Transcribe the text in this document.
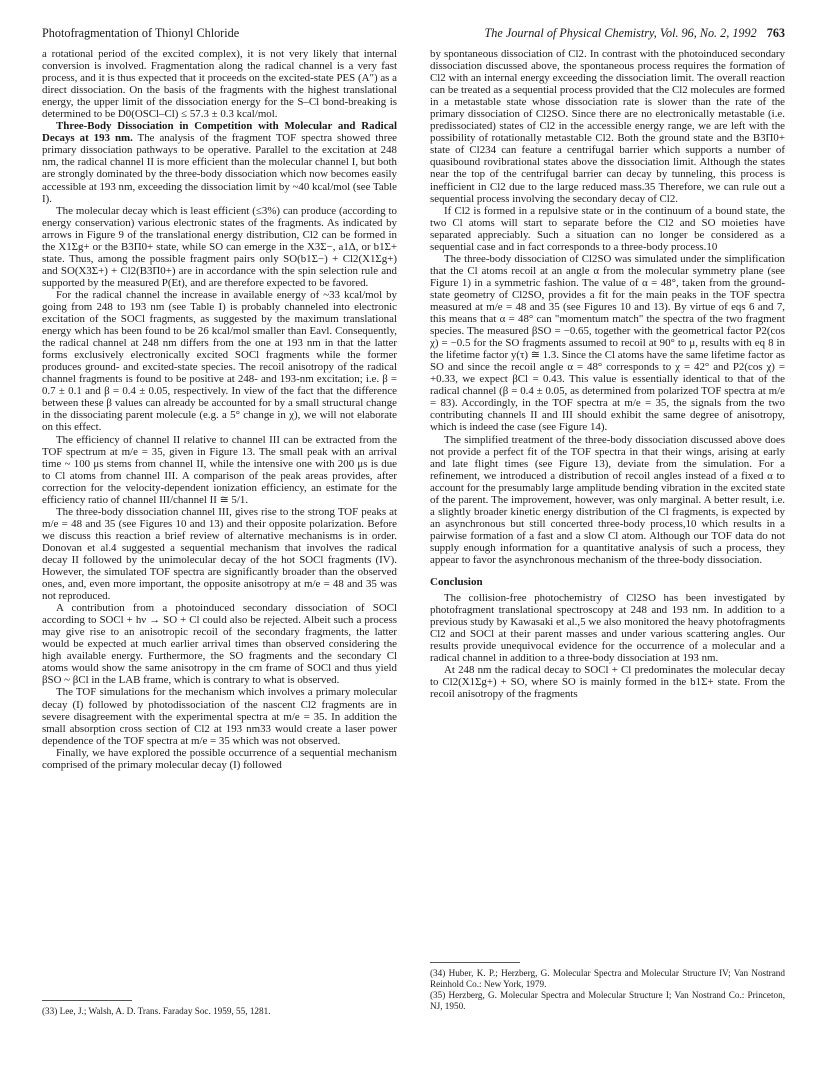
Photofragmentation of Thionyl Chloride	The Journal of Physical Chemistry, Vol. 96, No. 2, 1992 763

a rotational period of the excited complex), it is not very likely that internal conversion is involved. Fragmentation along the radical channel is a very fast process, and it is thus expected that it proceeds on the excited-state PES (A″) as a direct dissociation. On the basis of the fragments with the highest translational energy, the upper limit of the dissociation energy for the S–Cl bond-breaking is determined to be D0(OSCl–Cl) ≤ 57.3 ± 0.3 kcal/mol.

Three-Body Dissociation in Competition with Molecular and Radical Decays at 193 nm. The analysis of the fragment TOF spectra showed three primary dissociation pathways to be operative. Parallel to the excitation at 248 nm, the radical channel II is more efficient than the molecular channel I, but both are strongly dominated by the three-body dissociation which now becomes easily accessible at 193 nm, exceeding the dissociation limit by ~40 kcal/mol (see Table I).

The molecular decay which is least efficient (≤3%) can produce (according to energy conservation) various electronic states of the fragments. As indicated by arrows in Figure 9 of the translational energy distribution, Cl2 can be formed in the X1Σg+ or the B3Π0+ state, while SO can emerge in the X3Σ−, a1Δ, or b1Σ+ state. Thus, among the possible fragment pairs only SO(b1Σ−) + Cl2(X1Σg+) and SO(X3Σ+) + Cl2(B3Π0+) are in accordance with the spin selection rule and supported by the measured P(Et), and are therefore expected to be favored.

For the radical channel the increase in available energy of ~33 kcal/mol by going from 248 to 193 nm (see Table I) is probably channeled into electronic excitation of the SOCl fragments, as suggested by the maximum translational energy which has been found to be 26 kcal/mol smaller than Eavl. Consequently, the radical channel at 248 nm differs from the one at 193 nm in that the latter forms exclusively electronically excited SOCl fragments while the former produces ground- and excited-state species. The recoil anisotropy of the radical channel fragments is found to be positive at 248- and 193-nm excitation; i.e. β = 0.7 ± 0.1 and β = 0.4 ± 0.05, respectively. In view of the fact that the difference between these β values can already be accounted for by a small structural change in the dissociating parent molecule (e.g. a 5° change in χ), we will not elaborate on this effect.

The efficiency of channel II relative to channel III can be extracted from the TOF spectrum at m/e = 35, given in Figure 13. The small peak with an arrival time ~ 100 μs stems from channel II, while the intensive one with 200 μs is due to Cl atoms from channel III. A comparison of the peak areas provides, after correction for the velocity-dependent ionization efficiency, an estimate for the efficiency ratio of channel III/channel II ≅ 5/1.

The three-body dissociation channel III, gives rise to the strong TOF peaks at m/e = 48 and 35 (see Figures 10 and 13) and their opposite polarization. Before we discuss this reaction a brief review of alternative mechanisms is in order. Donovan et al.4 suggested a sequential mechanism that involves the radical decay II followed by the unimolecular decay of the hot SOCl fragments (IV). However, the simulated TOF spectra are significantly broader than the observed ones, and, even more important, the opposite anisotropy at m/e = 48 and 35 was not reproduced.

A contribution from a photoinduced secondary dissociation of SOCl according to SOCl + hν → SO + Cl could also be rejected. Albeit such a process may give rise to an anisotropic recoil of the secondary fragments, the latter would be expected at much earlier arrival times than observed considering the high available energy. Furthermore, the SO fragments and the secondary Cl atoms would show the same anisotropy in the cm frame of SOCl and thus yield βSO ~ βCl in the LAB frame, which is contrary to what is observed.

The TOF simulations for the mechanism which involves a primary molecular decay (I) followed by photodissociation of the nascent Cl2 fragments are in severe disagreement with the experimental spectra at m/e = 35. In addition the small absorption cross section of Cl2 at 193 nm33 would create a laser power dependence of the TOF spectra at m/e = 35 which was not observed.

Finally, we have explored the possible occurrence of a sequential mechanism comprised of the primary molecular decay (I) followed

(33) Lee, J.; Walsh, A. D. Trans. Faraday Soc. 1959, 55, 1281.

by spontaneous dissociation of Cl2. In contrast with the photoinduced secondary dissociation discussed above, the spontaneous process requires the formation of Cl2 with an internal energy exceeding the dissociation limit. The overall reaction can be treated as a sequential process provided that the Cl2 molecules are formed in a metastable state whose dissociation rate is slower than the rate of the primary dissociation of Cl2SO. Since there are no electronically metastable (i.e. predissociated) states of Cl2 in the accessible energy range, we are left with the possibility of rotationally metastable Cl2. Both the ground state and the B3Π0+ state of Cl234 can feature a centrifugal barrier which supports a number of quasibound rovibrational states above the dissociation limit. Although the states near the top of the centrifugal barrier can decay by tunneling, this process is inefficient in Cl2 due to the large reduced mass.35 Therefore, we can rule out a sequential process involving the secondary decay of Cl2.

If Cl2 is formed in a repulsive state or in the continuum of a bound state, the two Cl atoms will start to separate before the Cl2 and SO moieties have separated appreciably. Such a situation can no longer be considered as a sequential case and in fact corresponds to a three-body process.10

The three-body dissociation of Cl2SO was simulated under the simplification that the Cl atoms recoil at an angle α from the molecular symmetry plane (see Figure 1) in a symmetric fashion. The value of α = 48°, taken from the ground-state geometry of Cl2SO, provides a fit for the main peaks in the TOF spectra measured at m/e = 48 and 35 (see Figures 10 and 13). By virtue of eqs 6 and 7, this means that α = 48° can "momentum match" the spectra of the two fragment species. The measured βSO = −0.65, together with the geometrical factor P2(cos χ) = −0.5 for the SO fragments assumed to recoil at 90° to μ, results with eq 8 in the lifetime factor y(τ) ≅ 1.3. Since the Cl atoms have the same lifetime factor as SO and since the recoil angle α = 48° corresponds to χ = 42° and P2(cos χ) = +0.33, we expect βCl = 0.43. This value is essentially identical to that of the radical channel (β = 0.4 ± 0.05, as determined from polarized TOF spectra at m/e = 83). Accordingly, in the TOF spectra at m/e = 35, the signals from the two contributing channels II and III should exhibit the same degree of anisotropy, which is indeed the case (see Figure 14).

The simplified treatment of the three-body dissociation discussed above does not provide a perfect fit of the TOF spectra in that their wings, arising at early and late flight times (see Figure 13), deviate from the simulation. For a refinement, we introduced a distribution of recoil angles instead of a fixed α to account for the presumably large amplitude bending vibration in the excited state of the parent. The improvement, however, was only marginal. A better result, i.e. a slightly broader kinetic energy distribution of the Cl fragments, is expected by an asynchronous but still concerted three-body process,10 which results in a pairwise formation of a fast and a slow Cl atom. Although our TOF data do not supply enough information for a quantitative analysis of such a process, they appear to favor the asynchronous mechanism of the three-body dissociation.

Conclusion

The collision-free photochemistry of Cl2SO has been investigated by photofragment translational spectroscopy at 248 and 193 nm. In addition to a previous study by Kawasaki et al.,5 we also monitored the heavy photofragments Cl2 and SOCl at their parent masses and under various scattering angles. Our results provide unequivocal evidence for the occurrence of a molecular and a radical channel in addition to a three-body dissociation at 193 nm.

At 248 nm the radical decay to SOCl + Cl predominates the molecular decay to Cl2(X1Σg+) + SO, where SO is mainly formed in the b1Σ+ state. From the recoil anisotropy of the fragments

(34) Huber, K. P.; Herzberg, G. Molecular Spectra and Molecular Structure IV; Van Nostrand Reinhold Co.: New York, 1979.
(35) Herzberg, G. Molecular Spectra and Molecular Structure I; Van Nostrand Co.: Princeton, NJ, 1950.
